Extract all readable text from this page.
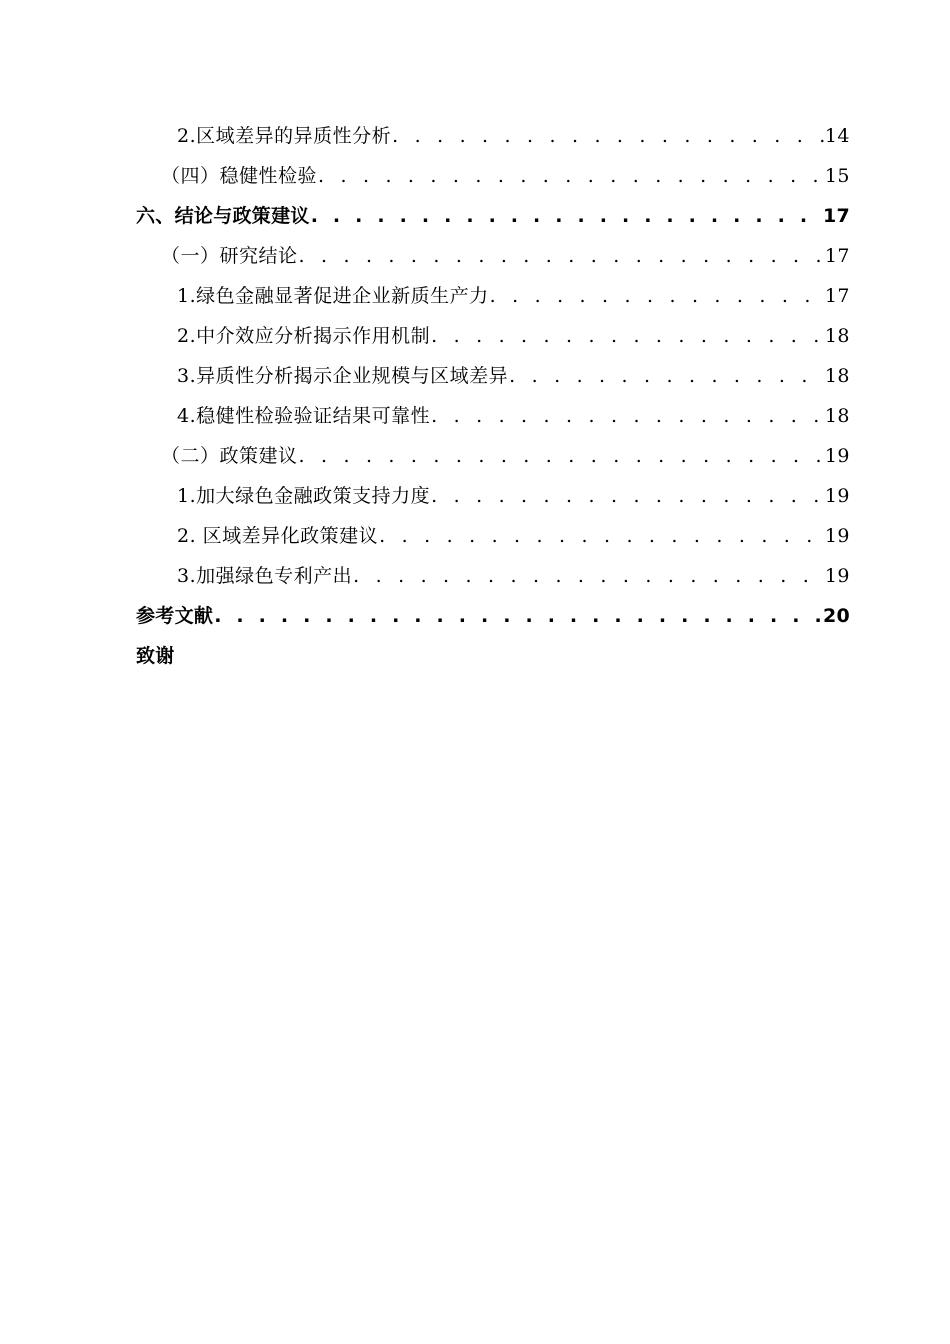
2.区域差异的异质性分析 . . .	14
（四）稳健性检验 . . .	15
六、结论与政策建议 . . .	17
（一）研究结论 . . .	17
1.绿色金融显著促进企业新质生产力 . . .	17
2.中介效应分析揭示作用机制 . . .	18
3.异质性分析揭示企业规模与区域差异 . . .	18
4.稳健性检验验证结果可靠性 . . .	18
（二）政策建议 . . .	19
1.加大绿色金融政策支持力度 . . .	19
2. 区域差异化政策建议 . . .	19
3.加强绿色专利产出 . . .	19
参考文献 . . .	20
致谢
